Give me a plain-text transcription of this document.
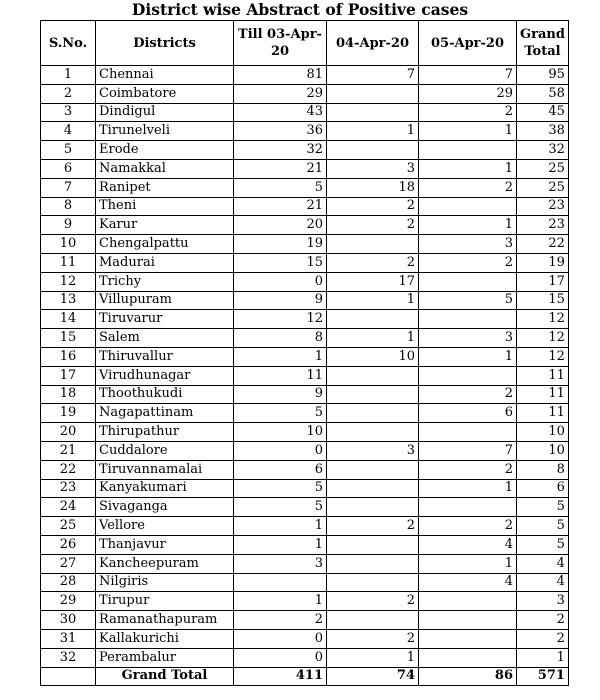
District wise Abstract of Positive cases
S.No.	Districts	Till 03-Apr-20	04-Apr-20	05-Apr-20	Grand Total
1	Chennai	81	7	7	95
2	Coimbatore	29		29	58
3	Dindigul	43		2	45
4	Tirunelveli	36	1	1	38
5	Erode	32			32
6	Namakkal	21	3	1	25
7	Ranipet	5	18	2	25
8	Theni	21	2		23
9	Karur	20	2	1	23
10	Chengalpattu	19		3	22
11	Madurai	15	2	2	19
12	Trichy	0	17		17
13	Villupuram	9	1	5	15
14	Tiruvarur	12			12
15	Salem	8	1	3	12
16	Thiruvallur	1	10	1	12
17	Virudhunagar	11			11
18	Thoothukudi	9		2	11
19	Nagapattinam	5		6	11
20	Thirupathur	10			10
21	Cuddalore	0	3	7	10
22	Tiruvannamalai	6		2	8
23	Kanyakumari	5		1	6
24	Sivaganga	5			5
25	Vellore	1	2	2	5
26	Thanjavur	1		4	5
27	Kancheepuram	3		1	4
28	Nilgiris			4	4
29	Tirupur	1	2		3
30	Ramanathapuram	2			2
31	Kallakurichi	0	2		2
32	Perambalur	0	1		1
	Grand Total	411	74	86	571
